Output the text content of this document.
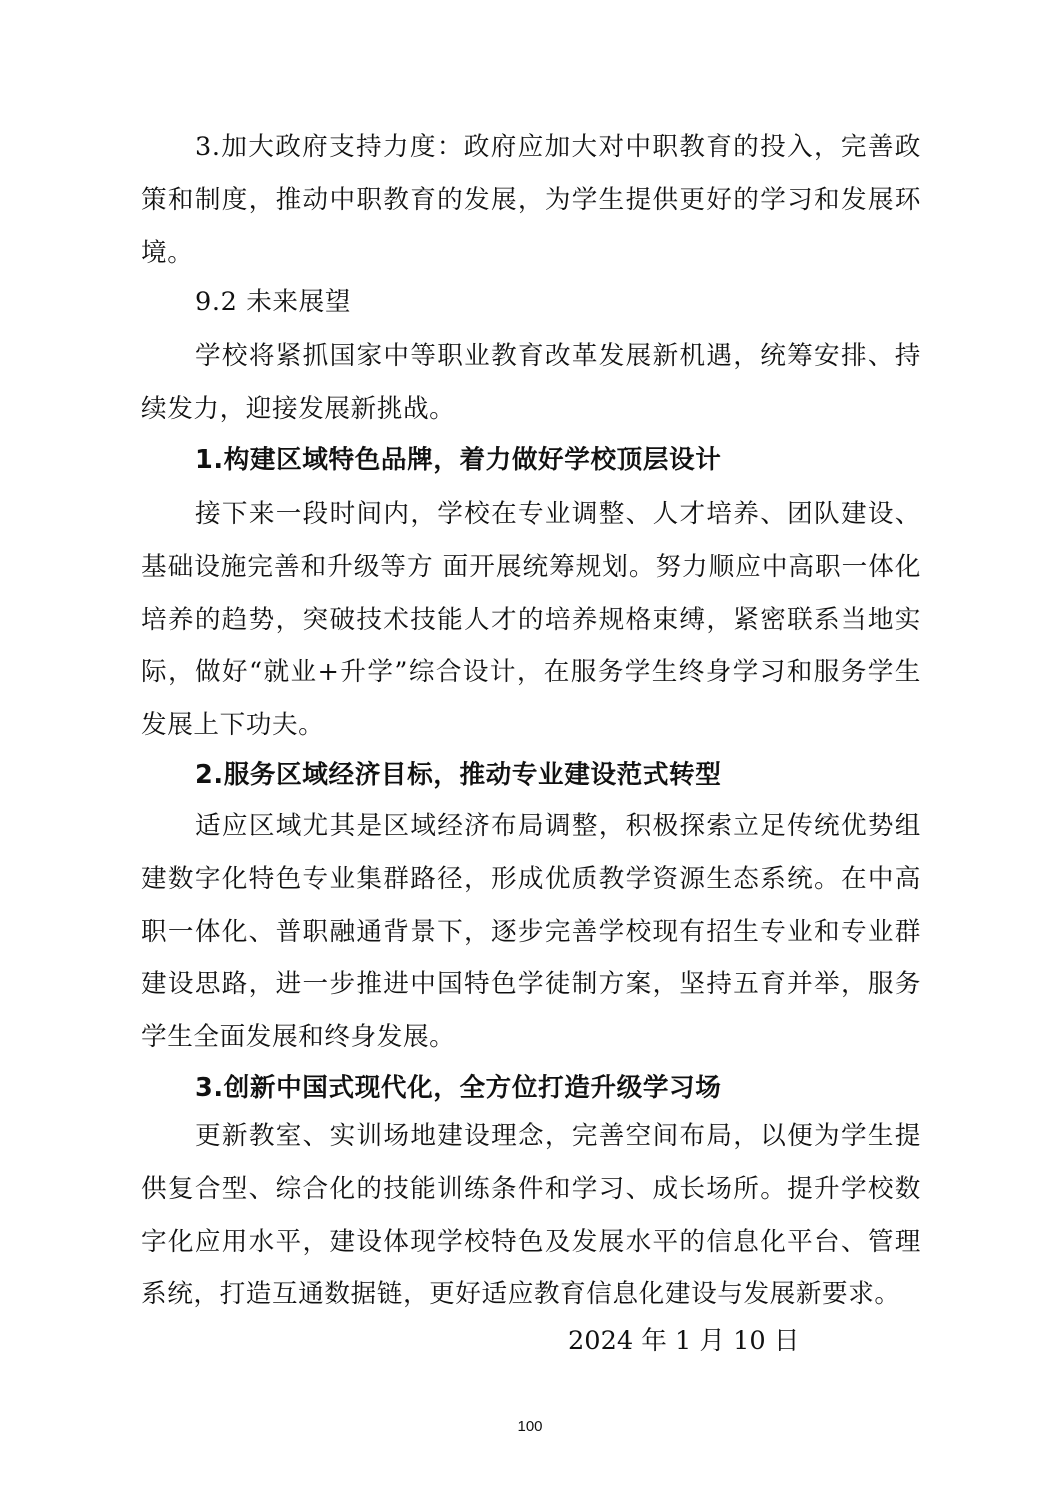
3.加大政府支持力度：政府应加大对中职教育的投入，完善政策和制度，推动中职教育的发展，为学生提供更好的学习和发展环境。

9.2 未来展望

学校将紧抓国家中等职业教育改革发展新机遇，统筹安排、持续发力，迎接发展新挑战。

1.构建区域特色品牌，着力做好学校顶层设计

接下来一段时间内，学校在专业调整、人才培养、团队建设、基础设施完善和升级等方 面开展统筹规划。努力顺应中高职一体化培养的趋势，突破技术技能人才的培养规格束缚，紧密联系当地实际，做好“就业+升学”综合设计，在服务学生终身学习和服务学生发展上下功夫。

2.服务区域经济目标，推动专业建设范式转型

适应区域尤其是区域经济布局调整，积极探索立足传统优势组建数字化特色专业集群路径，形成优质教学资源生态系统。在中高职一体化、普职融通背景下，逐步完善学校现有招生专业和专业群建设思路，进一步推进中国特色学徒制方案，坚持五育并举，服务学生全面发展和终身发展。

3.创新中国式现代化，全方位打造升级学习场

更新教室、实训场地建设理念，完善空间布局，以便为学生提供复合型、综合化的技能训练条件和学习、成长场所。提升学校数字化应用水平，建设体现学校特色及发展水平的信息化平台、管理系统，打造互通数据链，更好适应教育信息化建设与发展新要求。

2024 年 1 月 10 日
100
